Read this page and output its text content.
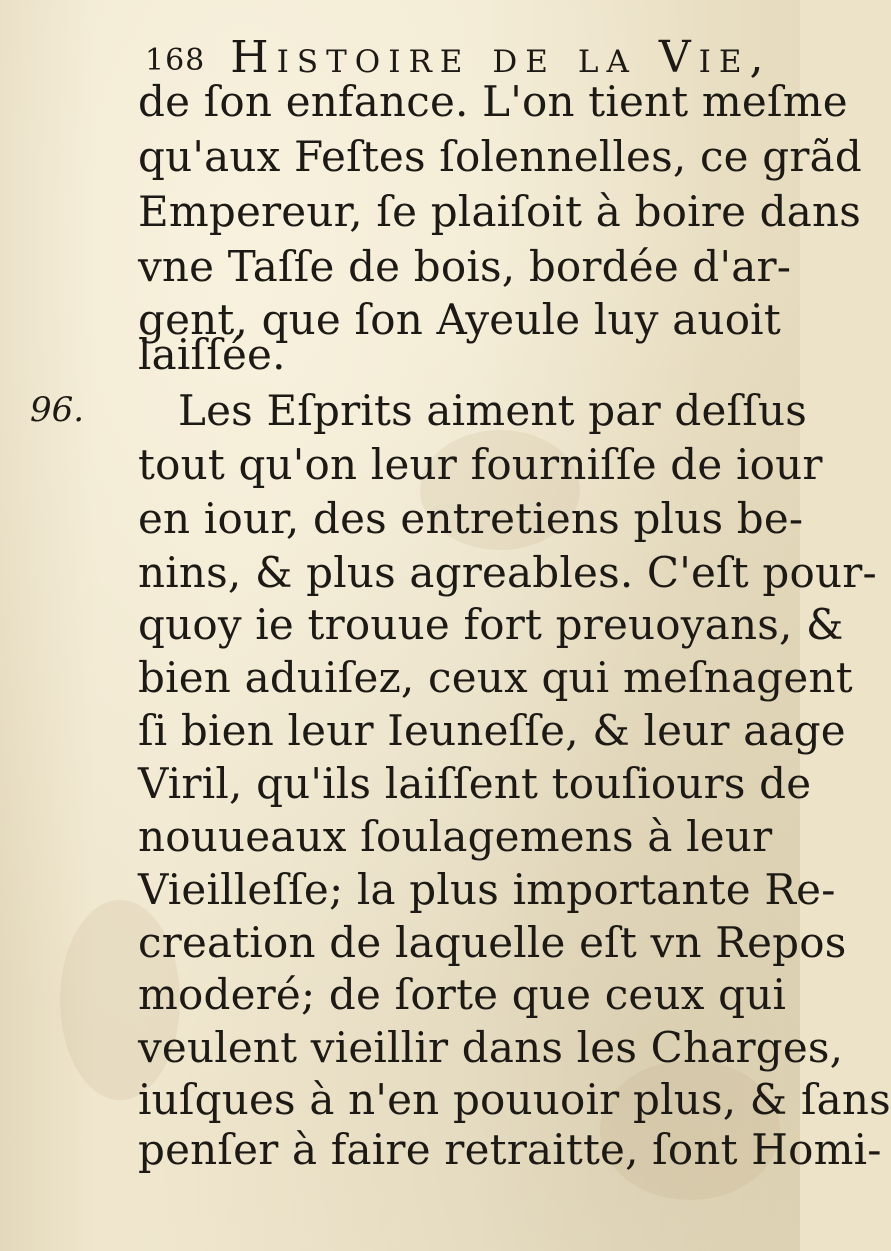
168 Histoire de la Vie,
96.
de ſon enfance. L'on tient meſme
qu'aux Feſtes ſolennelles, ce grãd
Empereur, ſe plaiſoit à boire dans
vne Taſſe de bois, bordée d'ar-
gent, que ſon Ayeule luy auoit
laiſſée.
Les Eſprits aiment par deſſus
tout qu'on leur fourniſſe de iour
en iour, des entretiens plus be-
nins, & plus agreables. C'eſt pour-
quoy ie trouue fort preuoyans, &
bien aduiſez, ceux qui meſnagent
ſi bien leur Ieuneſſe, & leur aage
Viril, qu'ils laiſſent touſiours de
nouueaux ſoulagemens à leur
Vieilleſſe; la plus importante Re-
creation de laquelle eſt vn Repos
moderé; de ſorte que ceux qui
veulent vieillir dans les Charges,
iuſques à n'en pouuoir plus, & ſans
penſer à faire retraitte, ſont Homi-
